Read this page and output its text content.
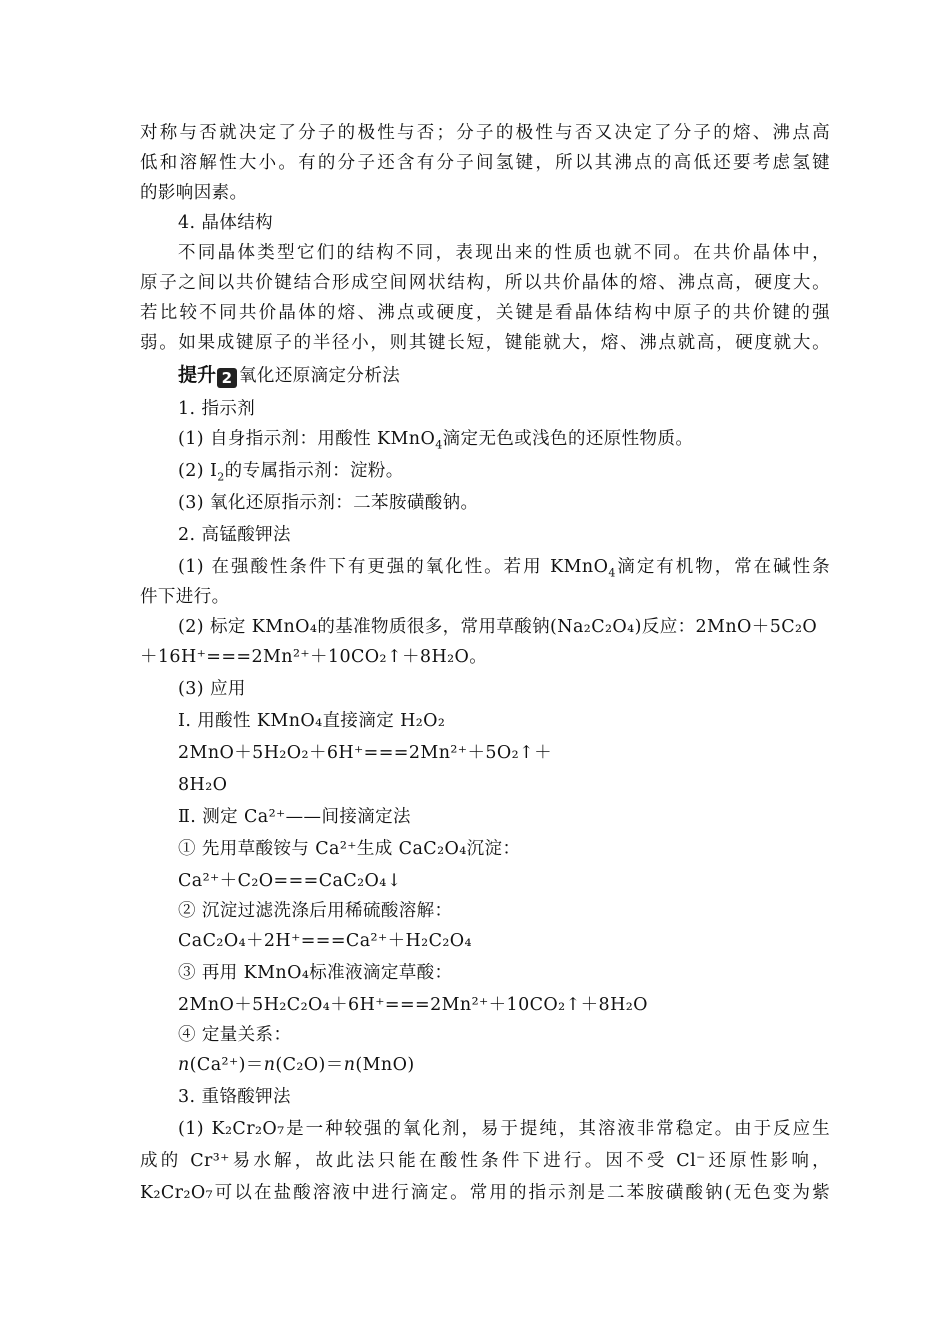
对称与否就决定了分子的极性与否；分子的极性与否又决定了分子的熔、沸点高
低和溶解性大小。有的分子还含有分子间氢键，所以其沸点的高低还要考虑氢键
的影响因素。
4. 晶体结构
不同晶体类型它们的结构不同，表现出来的性质也就不同。在共价晶体中，
原子之间以共价键结合形成空间网状结构，所以共价晶体的熔、沸点高，硬度大。
若比较不同共价晶体的熔、沸点或硬度，关键是看晶体结构中原子的共价键的强
弱。如果成键原子的半径小，则其键长短，键能就大，熔、沸点就高，硬度就大。
提升 2 氧化还原滴定分析法
1. 指示剂
(1) 自身指示剂：用酸性 KMnO$_4$滴定无色或浅色的还原性物质。
(2) $I_2$的专属指示剂：淀粉。
(3) 氧化还原指示剂：二苯胺磺酸钠。
2. 高锰酸钾法
(1) 在强酸性条件下有更强的氧化性。若用 KMnO$_4$滴定有机物，常在碱性条
件下进行。
(2) 标定 KMnO₄的基准物质很多，常用草酸钠(Na₂C₂O₄)反应：2MnO＋5C₂O
＋16H⁺===2Mn²⁺＋10CO₂↑＋8H₂O。
(3) 应用
Ⅰ. 用酸性 KMnO₄直接滴定 H₂O₂
2MnO＋5H₂O₂＋6H⁺===2Mn²⁺＋5O₂↑＋
8H₂O
Ⅱ. 测定 Ca²⁺——间接滴定法
① 先用草酸铵与 Ca²⁺生成 CaC₂O₄沉淀：
Ca²⁺＋C₂O===CaC₂O₄↓
② 沉淀过滤洗涤后用稀硫酸溶解：
CaC₂O₄＋2H⁺===Ca²⁺＋H₂C₂O₄
③ 再用 KMnO₄标准液滴定草酸：
2MnO＋5H₂C₂O₄＋6H⁺===2Mn²⁺＋10CO₂↑＋8H₂O
④ 定量关系：
n(Ca²⁺)＝n(C₂O)＝n(MnO)
3. 重铬酸钾法
(1) K₂Cr₂O₇是一种较强的氧化剂，易于提纯，其溶液非常稳定。由于反应生
成的 Cr³⁺易水解，故此法只能在酸性条件下进行。因不受 Cl⁻还原性影响，
K₂Cr₂O₇可以在盐酸溶液中进行滴定。常用的指示剂是二苯胺磺酸钠(无色变为紫
